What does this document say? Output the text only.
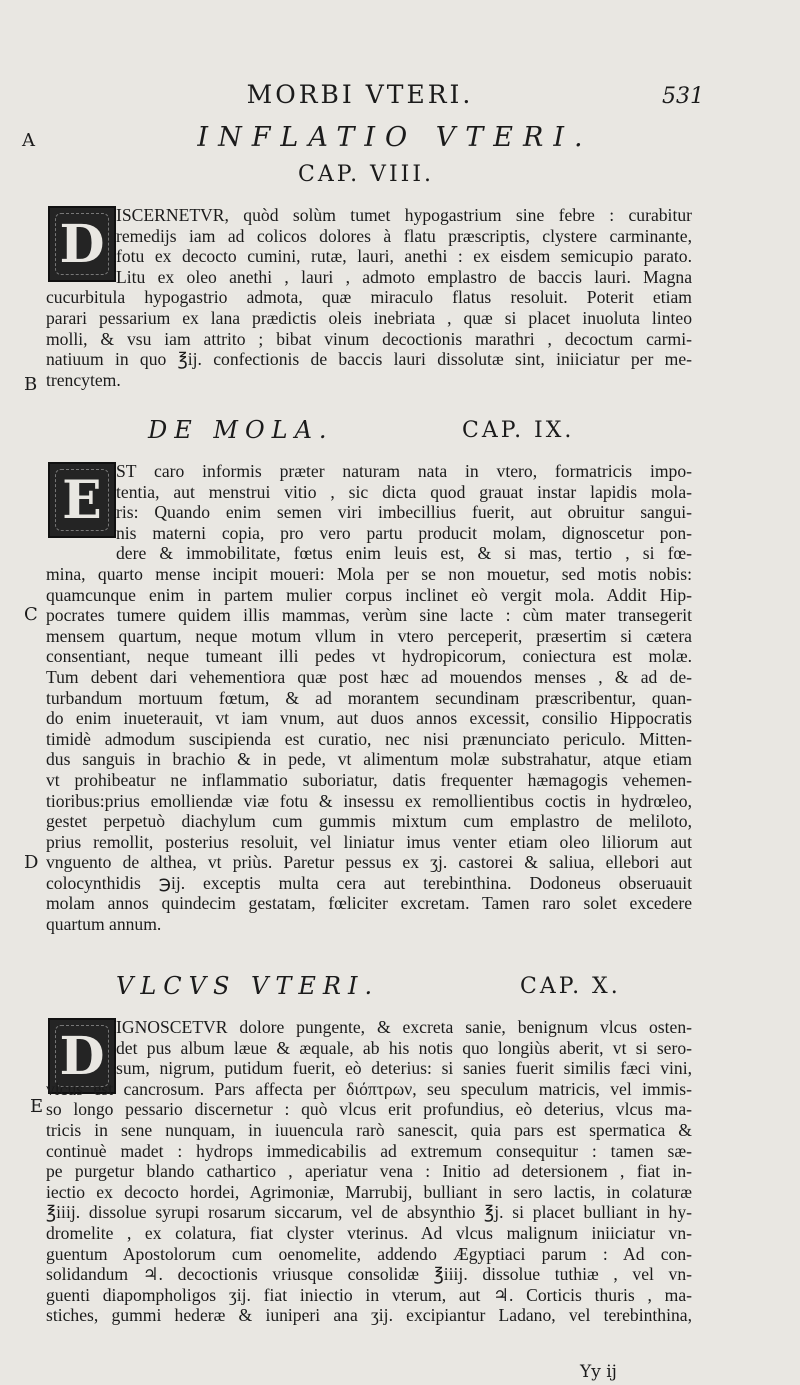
MORBI VTERI.	531
A
B
C
D
E
INFLATIO VTERI.
CAP. VIII.
D ISCERNETVR, quòd solùm tumet hypogastrium sine febre : curabitur
remedijs iam ad colicos dolores à flatu præscriptis, clystere carminante,
fotu ex decocto cumini, rutæ, lauri, anethi : ex eisdem semicupio parato.
Litu ex oleo anethi , lauri , admoto emplastro de baccis lauri. Magna
cucurbitula hypogastrio admota, quæ miraculo flatus resoluit. Poterit etiam
parari pessarium ex lana prædictis oleis inebriata , quæ si placet inuoluta linteo
molli, & vsu iam attrito ; bibat vinum decoctionis marathri , decoctum carmi-
natiuum in quo ℥ij. confectionis de baccis lauri dissolutæ sint, iniiciatur per me-
trencytem.
DE MOLA.	CAP. IX.
E ST caro informis præter naturam nata in vtero, formatricis impo-
tentia, aut menstrui vitio , sic dicta quod grauat instar lapidis mola-
ris: Quando enim semen viri imbecillius fuerit, aut obruitur sangui-
nis materni copia, pro vero partu producit molam, dignoscetur pon-
dere & immobilitate, fœtus enim leuis est, & si mas, tertio , si fœ-
mina, quarto mense incipit moueri: Mola per se non mouetur, sed motis nobis:
quamcunque enim in partem mulier corpus inclinet eò vergit mola. Addit Hip-
pocrates tumere quidem illis mammas, verùm sine lacte : cùm mater transegerit
mensem quartum, neque motum vllum in vtero perceperit, præsertim si cætera
consentiant, neque tumeant illi pedes vt hydropicorum, coniectura est molæ.
Tum debent dari vehementiora quæ post hæc ad mouendos menses , & ad de-
turbandum mortuum fœtum, & ad morantem secundinam præscribentur, quan-
do enim inueterauit, vt iam vnum, aut duos annos excessit, consilio Hippocratis
timidè admodum suscipienda est curatio, nec nisi prænunciato periculo. Mitten-
dus sanguis in brachio & in pede, vt alimentum molæ substrahatur, atque etiam
vt prohibeatur ne inflammatio suboriatur, datis frequenter hæmagogis vehemen-
tioribus:prius emolliendæ viæ fotu & insessu ex remollientibus coctis in hydrœleo,
gestet perpetuò diachylum cum gummis mixtum cum emplastro de meliloto,
prius remollit, posterius resoluit, vel liniatur imus venter etiam oleo liliorum aut
vnguento de althea, vt priùs. Paretur pessus ex ʒj. castorei & saliua, ellebori aut
colocynthidis ℈ij. exceptis multa cera aut terebinthina. Dodoneus obseruauit
molam annos quindecim gestatam, fœliciter excretam. Tamen raro solet excedere
quartum annum.
VLCVS VTERI.	CAP. X.
D IGNOSCETVR dolore pungente, & excreta sanie, benignum vlcus osten-
det pus album læue & æquale, ab his notis quo longiùs aberit, vt si sero-
sum, nigrum, putidum fuerit, eò deterius: si sanies fuerit similis fæci vini,
vlcus est cancrosum. Pars affecta per διόπτρων, seu speculum matricis, vel immis-
so longo pessario discernetur : quò vlcus erit profundius, eò deterius, vlcus ma-
tricis in sene nunquam, in iuuencula rarò sanescit, quia pars est spermatica &
continuè madet : hydrops immedicabilis ad extremum consequitur : tamen sæ-
pe purgetur blando cathartico , aperiatur vena : Initio ad detersionem , fiat in-
iectio ex decocto hordei, Agrimoniæ, Marrubij, bulliant in sero lactis, in colaturæ
℥iiij. dissolue syrupi rosarum siccarum, vel de absynthio ℥j. si placet bulliant in hy-
dromelite , ex colatura, fiat clyster vterinus. Ad vlcus malignum iniiciatur vn-
guentum Apostolorum cum oenomelite, addendo Ægyptiaci parum : Ad con-
solidandum ♃. decoctionis vriusque consolidæ ℥iiij. dissolue tuthiæ , vel vn-
guenti diapompholigos ʒij. fiat iniectio in vterum, aut ♃. Corticis thuris , ma-
stiches, gummi hederæ & iuniperi ana ʒij. excipiantur Ladano, vel terebinthina,
Yy ij
